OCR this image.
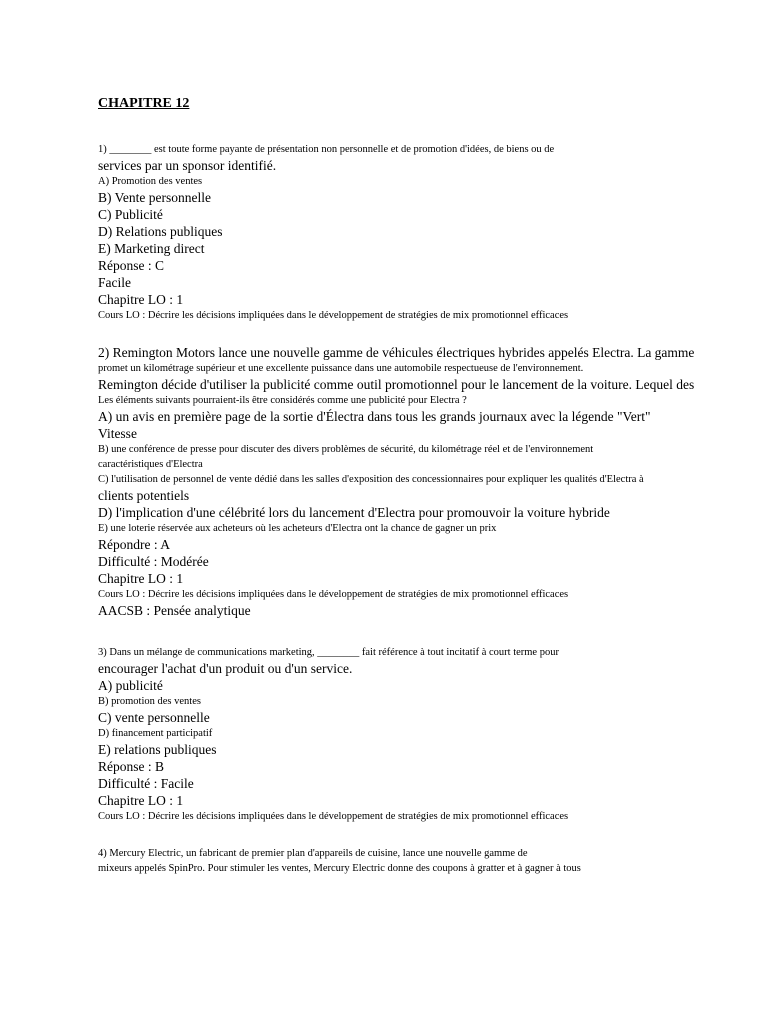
CHAPITRE 12
1) ________ est toute forme payante de présentation non personnelle et de promotion d'idées, de biens ou de
services par un sponsor identifié.
A) Promotion des ventes
B) Vente personnelle
C) Publicité
D) Relations publiques
E) Marketing direct
Réponse : C
Facile
Chapitre LO : 1
Cours LO : Décrire les décisions impliquées dans le développement de stratégies de mix promotionnel efficaces
2) Remington Motors lance une nouvelle gamme de véhicules électriques hybrides appelés Electra. La gamme
promet un kilométrage supérieur et une excellente puissance dans une automobile respectueuse de l'environnement.
Remington décide d'utiliser la publicité comme outil promotionnel pour le lancement de la voiture. Lequel des
Les éléments suivants pourraient-ils être considérés comme une publicité pour Electra ?
A) un avis en première page de la sortie d'Électra dans tous les grands journaux avec la légende "Vert"
Vitesse
B) une conférence de presse pour discuter des divers problèmes de sécurité, du kilométrage réel et de l'environnement
caractéristiques d'Electra
C) l'utilisation de personnel de vente dédié dans les salles d'exposition des concessionnaires pour expliquer les qualités d'Electra à
clients potentiels
D) l'implication d'une célébrité lors du lancement d'Electra pour promouvoir la voiture hybride
E) une loterie réservée aux acheteurs où les acheteurs d'Electra ont la chance de gagner un prix
Répondre : A
Difficulté : Modérée
Chapitre LO : 1
Cours LO : Décrire les décisions impliquées dans le développement de stratégies de mix promotionnel efficaces
AACSB : Pensée analytique
3) Dans un mélange de communications marketing, ________ fait référence à tout incitatif à court terme pour
encourager l'achat d'un produit ou d'un service.
A) publicité
B) promotion des ventes
C) vente personnelle
D) financement participatif
E) relations publiques
Réponse : B
Difficulté : Facile
Chapitre LO : 1
Cours LO : Décrire les décisions impliquées dans le développement de stratégies de mix promotionnel efficaces
4) Mercury Electric, un fabricant de premier plan d'appareils de cuisine, lance une nouvelle gamme de
mixeurs appelés SpinPro. Pour stimuler les ventes, Mercury Electric donne des coupons à gratter et à gagner à tous
